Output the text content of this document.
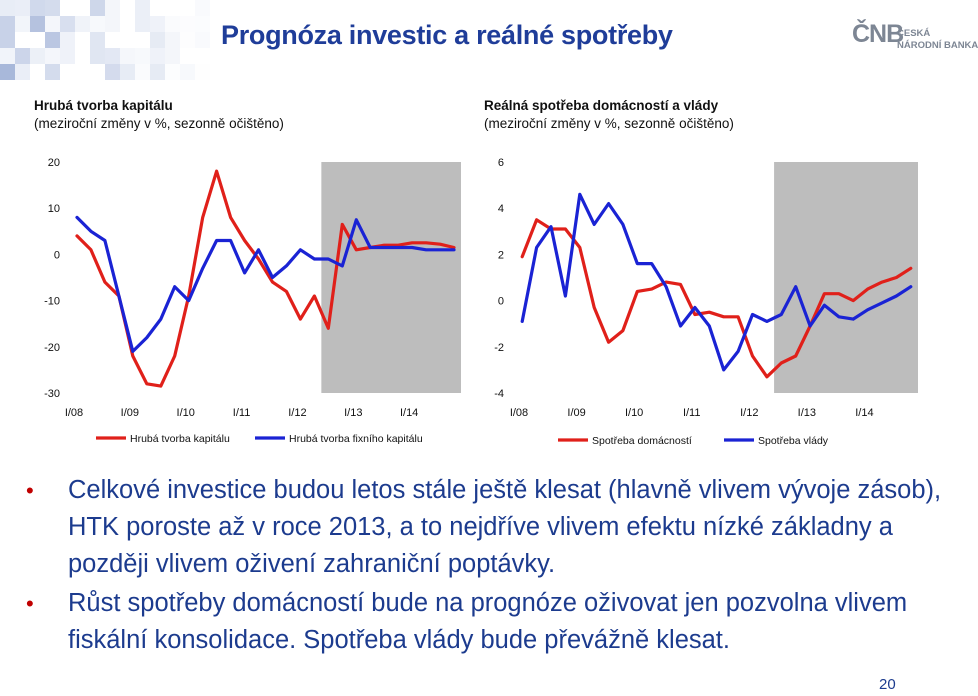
Prognóza investic a reálné spotřeby	ČNB
ČESKÁ
NÁRODNÍ BANKA
Hrubá tvorba kapitálu
(meziroční změny v %, sezonně očištěno)
Reálná spotřeba domácností a vlády
(meziroční změny v %, sezonně očištěno)
20
10
0
-10
-20
-30
I/08	I/09	I/10	I/11	I/12	I/13	I/14
Hrubá tvorba kapitálu	Hrubá tvorba fixního kapitálu
6
4
2
0
-2
-4
I/08	I/09	I/10	I/11	I/12	I/13	I/14
Spotřeba domácností	Spotřeba vlády
• Celkové investice budou letos stále ještě klesat (hlavně vlivem vývoje zásob), HTK poroste až v roce 2013, a to nejdříve vlivem efektu nízké základny a později vlivem oživení zahraniční poptávky.
• Růst spotřeby domácností bude na prognóze oživovat jen pozvolna vlivem fiskální konsolidace. Spotřeba vlády bude převážně klesat.
20
